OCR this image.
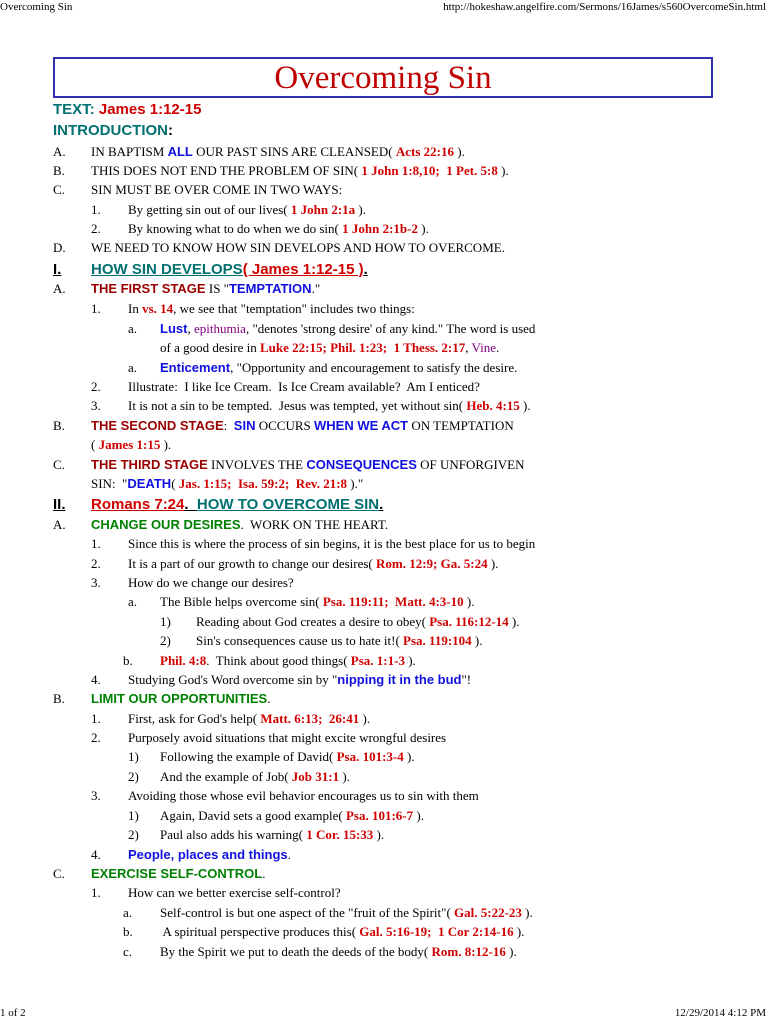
Overcoming Sin	http://hokeshaw.angelfire.com/Sermons/16James/s560OvercomeSin.html
1 of 2	12/29/2014 4:12 PM
Overcoming Sin
TEXT: James 1:12-15
INTRODUCTION:
A. IN BAPTISM ALL OUR PAST SINS ARE CLEANSED( Acts 22:16 ).
B. THIS DOES NOT END THE PROBLEM OF SIN( 1 John 1:8,10; 1 Pet. 5:8 ).
C. SIN MUST BE OVER COME IN TWO WAYS:
1. By getting sin out of our lives( 1 John 2:1a ).
2. By knowing what to do when we do sin( 1 John 2:1b-2 ).
D. WE NEED TO KNOW HOW SIN DEVELOPS AND HOW TO OVERCOME.
I. HOW SIN DEVELOPS( James 1:12-15 ).
A. THE FIRST STAGE IS "TEMPTATION."
1. In vs. 14, we see that "temptation" includes two things:
a. Lust, epithumia, "denotes 'strong desire' of any kind." The word is used
of a good desire in Luke 22:15; Phil. 1:23;  1 Thess. 2:17, Vine.
a. Enticement, "Opportunity and encouragement to satisfy the desire.
2. Illustrate:  I like Ice Cream.  Is Ice Cream available?  Am I enticed?
3. It is not a sin to be tempted.  Jesus was tempted, yet without sin( Heb. 4:15 ).
B. THE SECOND STAGE:  SIN OCCURS WHEN WE ACT ON TEMPTATION
( James 1:15 ).
C. THE THIRD STAGE INVOLVES THE CONSEQUENCES OF UNFORGIVEN
SIN:  "DEATH( Jas. 1:15;  Isa. 59:2;  Rev. 21:8 )."
II. Romans 7:24.  HOW TO OVERCOME SIN.
A. CHANGE OUR DESIRES.  WORK ON THE HEART.
1. Since this is where the process of sin begins, it is the best place for us to begin
2. It is a part of our growth to change our desires( Rom. 12:9; Ga. 5:24 ).
3. How do we change our desires?
a. The Bible helps overcome sin( Psa. 119:11;  Matt. 4:3-10 ).
1) Reading about God creates a desire to obey( Psa. 116:12-14 ).
2) Sin's consequences cause us to hate it!( Psa. 119:104 ).
b. Phil. 4:8.  Think about good things( Psa. 1:1-3 ).
4. Studying God's Word overcome sin by "nipping it in the bud"!
B. LIMIT OUR OPPORTUNITIES.
1. First, ask for God's help( Matt. 6:13;  26:41 ).
2. Purposely avoid situations that might excite wrongful desires
1) Following the example of David( Psa. 101:3-4 ).
2) And the example of Job( Job 31:1 ).
3. Avoiding those whose evil behavior encourages us to sin with them
1) Again, David sets a good example( Psa. 101:6-7 ).
2) Paul also adds his warning( 1 Cor. 15:33 ).
4. People, places and things.
C. EXERCISE SELF-CONTROL.
1. How can we better exercise self-control?
a. Self-control is but one aspect of the "fruit of the Spirit"( Gal. 5:22-23 ).
b. A spiritual perspective produces this( Gal. 5:16-19;  1 Cor 2:14-16 ).
c. By the Spirit we put to death the deeds of the body( Rom. 8:12-16 ).
